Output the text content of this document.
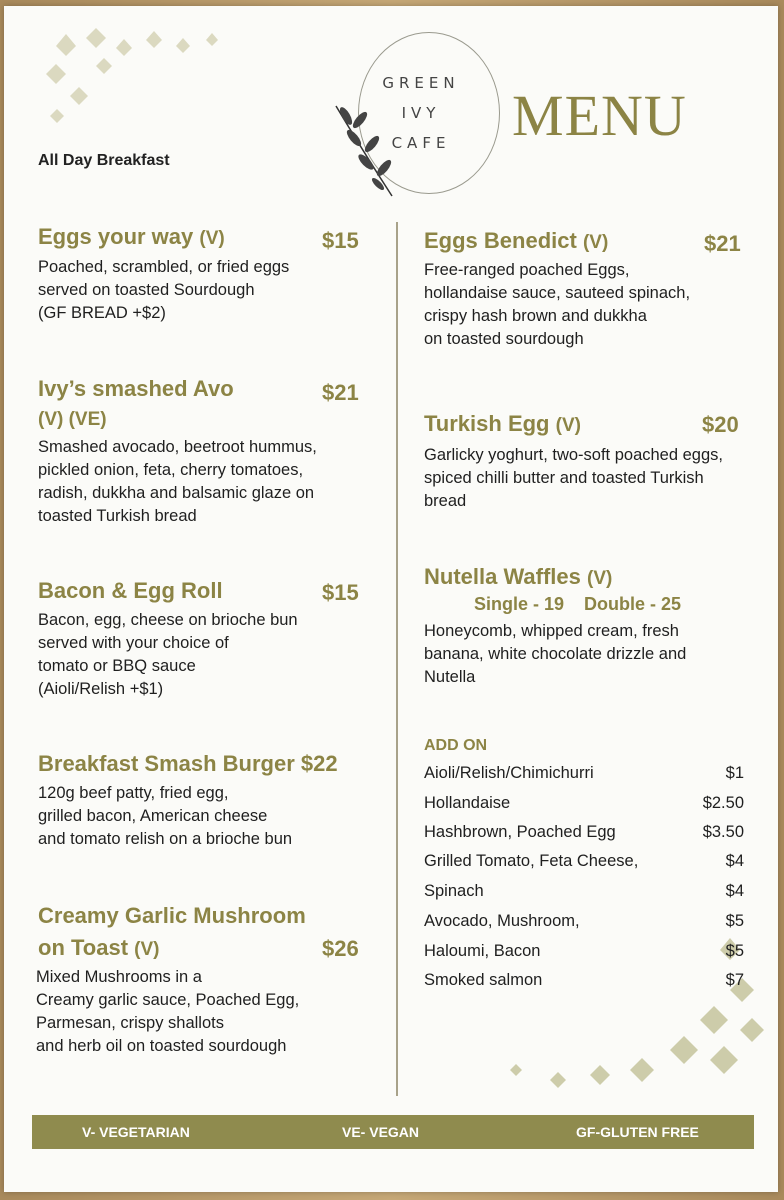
GREEN
IVY
CAFE	MENU
All Day Breakfast
Eggs your way (V)	$15
Poached, scrambled, or fried eggs
served on toasted Sourdough
(GF BREAD +$2)
Ivy’s smashed Avo
(V) (VE)
$21
Smashed avocado, beetroot hummus,
pickled onion, feta, cherry tomatoes,
radish, dukkha and balsamic glaze on
toasted Turkish bread
Bacon & Egg Roll	$15
Bacon, egg, cheese on brioche bun
served with your choice of
tomato or BBQ sauce
(Aioli/Relish +$1)
Breakfast Smash Burger $22
120g beef patty, fried egg,
grilled bacon, American cheese
and tomato relish on a brioche bun
Creamy Garlic Mushroom
on Toast (V)	$26
Mixed Mushrooms in a
Creamy garlic sauce, Poached Egg,
Parmesan, crispy shallots
and herb oil on toasted sourdough
Eggs Benedict (V)	$21
Free-ranged poached Eggs,
hollandaise sauce, sauteed spinach,
crispy hash brown and dukkha
on toasted sourdough
Turkish Egg (V)	$20
Garlicky yoghurt, two-soft poached eggs,
spiced chilli butter and toasted Turkish
bread
Nutella Waffles (V)
Single - 19    Double - 25
Honeycomb, whipped cream, fresh
banana, white chocolate drizzle and
Nutella
ADD ON
Aioli/Relish/Chimichurri	$1
Hollandaise	$2.50
Hashbrown, Poached Egg	$3.50
Grilled Tomato, Feta Cheese,	$4
Spinach	$4
Avocado, Mushroom,	$5
Haloumi, Bacon	$5
Smoked salmon	$7
V- VEGETARIAN	VE- VEGAN	GF-GLUTEN FREE
